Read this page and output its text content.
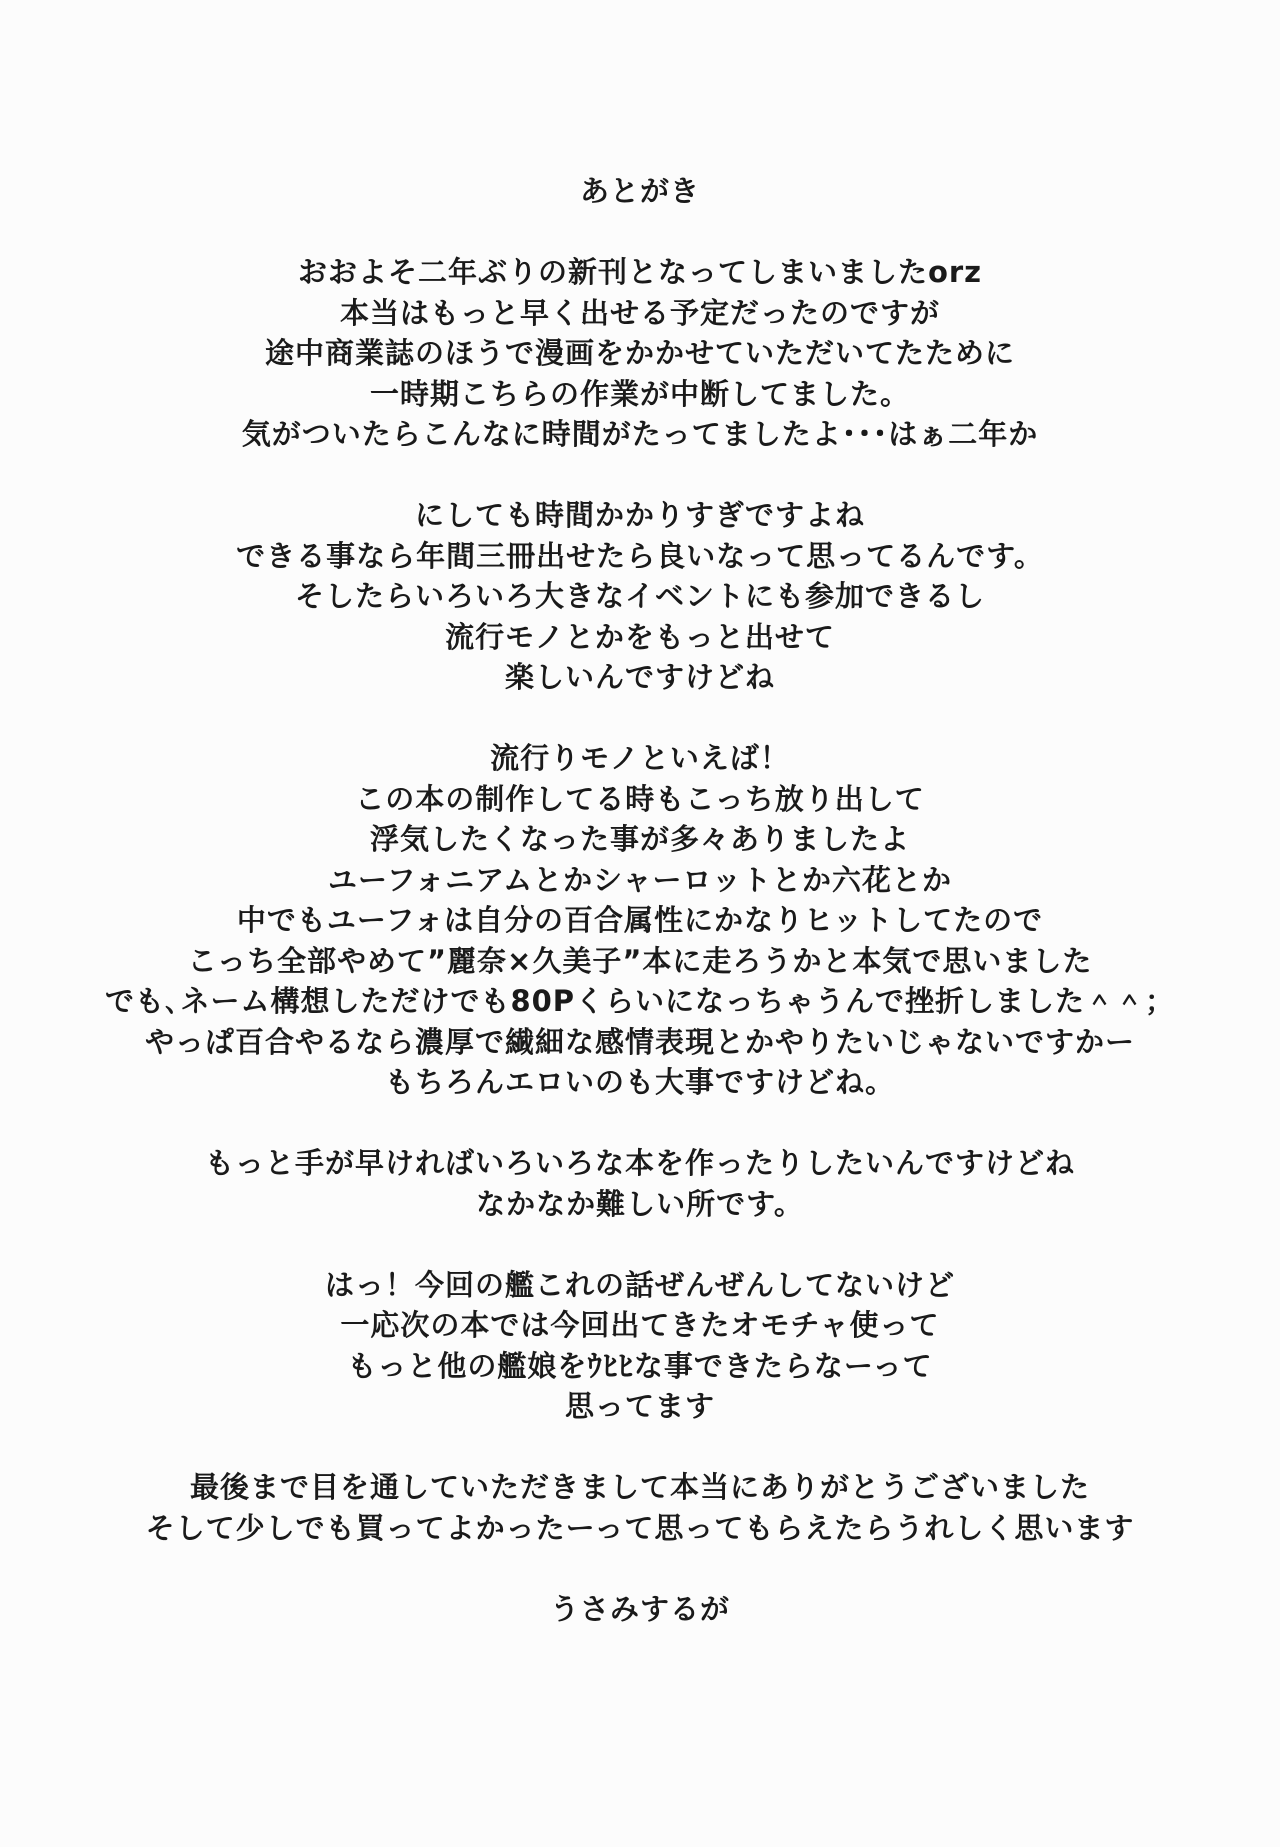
あとがき
おおよそ二年ぶりの新刊となってしまいましたorz
本当はもっと早く出せる予定だったのですが
途中商業誌のほうで漫画をかかせていただいてたために
一時期こちらの作業が中断してました。
気がついたらこんなに時間がたってましたよ･･･はぁ二年か
にしても時間かかりすぎですよね
できる事なら年間三冊出せたら良いなって思ってるんです。
そしたらいろいろ大きなイベントにも参加できるし
流行モノとかをもっと出せて
楽しいんですけどね
流行りモノといえば！
この本の制作してる時もこっち放り出して
浮気したくなった事が多々ありましたよ
ユーフォニアムとかシャーロットとか六花とか
中でもユーフォは自分の百合属性にかなりヒットしてたので
こっち全部やめて”麗奈×久美子”本に走ろうかと本気で思いました
でも､ネーム構想しただけでも80Pくらいになっちゃうんで挫折しました＾＾；
やっぱ百合やるなら濃厚で繊細な感情表現とかやりたいじゃないですかー
もちろんエロいのも大事ですけどね。
もっと手が早ければいろいろな本を作ったりしたいんですけどね
なかなか難しい所です。
はっ！今回の艦これの話ぜんぜんしてないけど
一応次の本では今回出てきたオモチャ使って
もっと他の艦娘をｳﾋﾋな事できたらなーって
思ってます
最後まで目を通していただきまして本当にありがとうございました
そして少しでも買ってよかったーって思ってもらえたらうれしく思います
うさみするが
